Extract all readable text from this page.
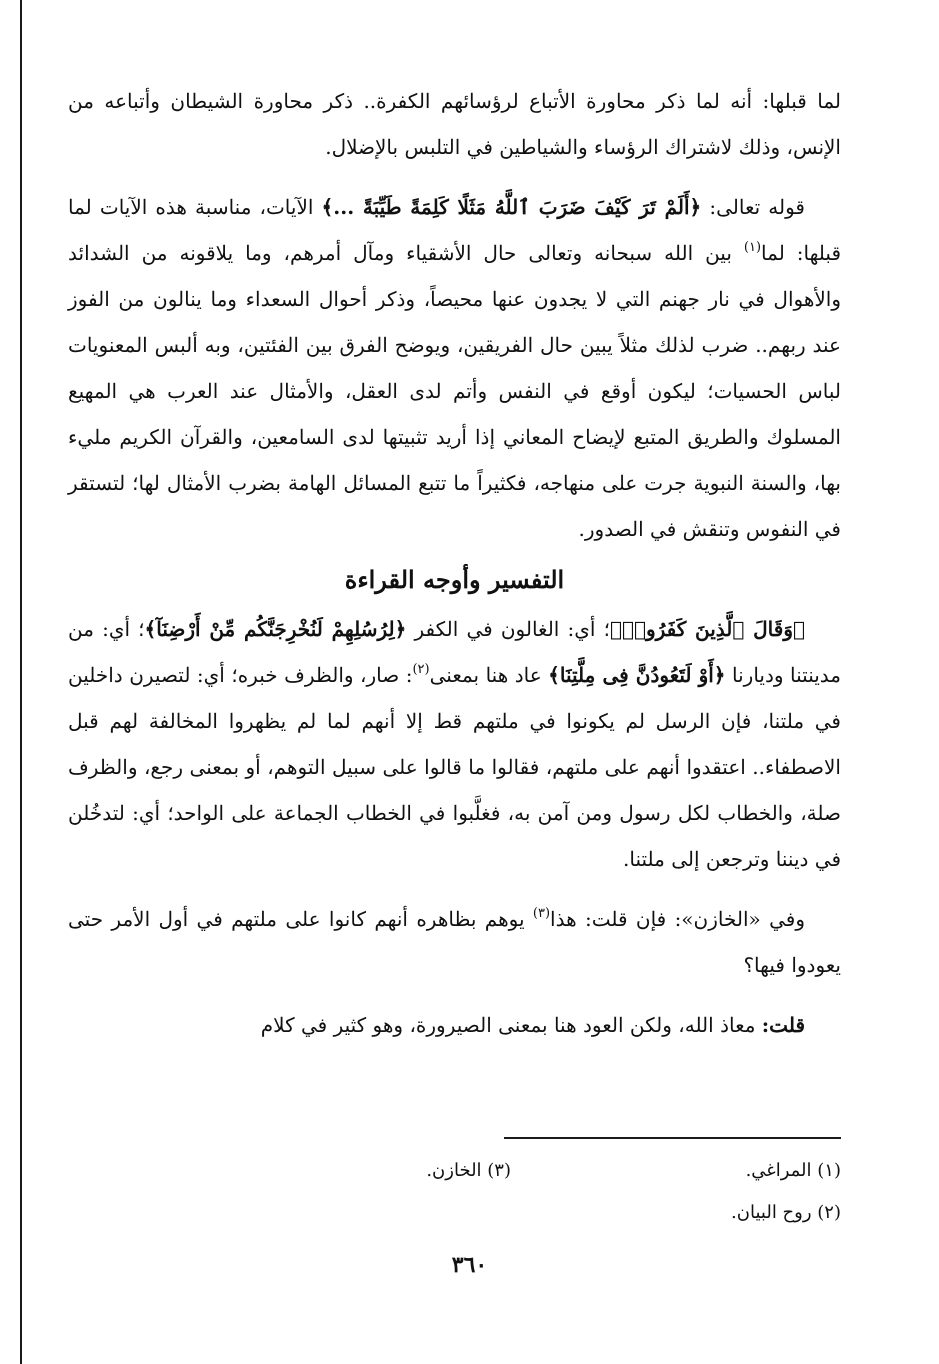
لما قبلها: أنه لما ذكر محاورة الأتباع لرؤسائهم الكفرة.. ذكر محاورة الشيطان وأتباعه من الإنس، وذلك لاشتراك الرؤساء والشياطين في التلبس بالإضلال.

قوله تعالى: ﴿أَلَمْ تَرَ كَيْفَ ضَرَبَ ٱللَّهُ مَثَلًا كَلِمَةً طَيِّبَةً ...﴾ الآيات، مناسبة هذه الآيات لما قبلها: لما$^{(١)}$ بين الله سبحانه وتعالى حال الأشقياء ومآل أمرهم، وما يلاقونه من الشدائد والأهوال في نار جهنم التي لا يجدون عنها محيصاً، وذكر أحوال السعداء وما ينالون من الفوز عند ربهم.. ضرب لذلك مثلاً يبين حال الفريقين، ويوضح الفرق بين الفئتين، وبه ألبس المعنويات لباس الحسيات؛ ليكون أوقع في النفس وأتم لدى العقل، والأمثال عند العرب هي المهيع المسلوك والطريق المتبع لإيضاح المعاني إذا أريد تثبيتها لدى السامعين، والقرآن الكريم مليء بها، والسنة النبوية جرت على منهاجه، فكثيراً ما تتبع المسائل الهامة بضرب الأمثال لها؛ لتستقر في النفوس وتنقش في الصدور.

التفسير وأوجه القراءة

﴿وَقَالَ ٱلَّذِينَ كَفَرُوا۟﴾؛ أي: الغالون في الكفر ﴿لِرُسُلِهِمْ لَنُخْرِجَنَّكُم مِّنْ أَرْضِنَآ﴾؛ أي: من مدينتنا وديارنا ﴿أَوْ لَتَعُودُنَّ فِى مِلَّتِنَا﴾ عاد هنا بمعنى$^{(٢)}$: صار، والظرف خبره؛ أي: لتصيرن داخلين في ملتنا، فإن الرسل لم يكونوا في ملتهم قط إلا أنهم لما لم يظهروا المخالفة لهم قبل الاصطفاء.. اعتقدوا أنهم على ملتهم، فقالوا ما قالوا على سبيل التوهم، أو بمعنى رجع، والظرف صلة، والخطاب لكل رسول ومن آمن به، فغلَّبوا في الخطاب الجماعة على الواحد؛ أي: لتدخُلن في ديننا وترجعن إلى ملتنا.

وفي «الخازن»: فإن قلت: هذا$^{(٣)}$ يوهم بظاهره أنهم كانوا على ملتهم في أول الأمر حتى يعودوا فيها؟

قلت: معاذ الله، ولكن العود هنا بمعنى الصيرورة، وهو كثير في كلام

(١) المراغي.
(٣) الخازن.
(٢) روح البيان.
٣٦٠
